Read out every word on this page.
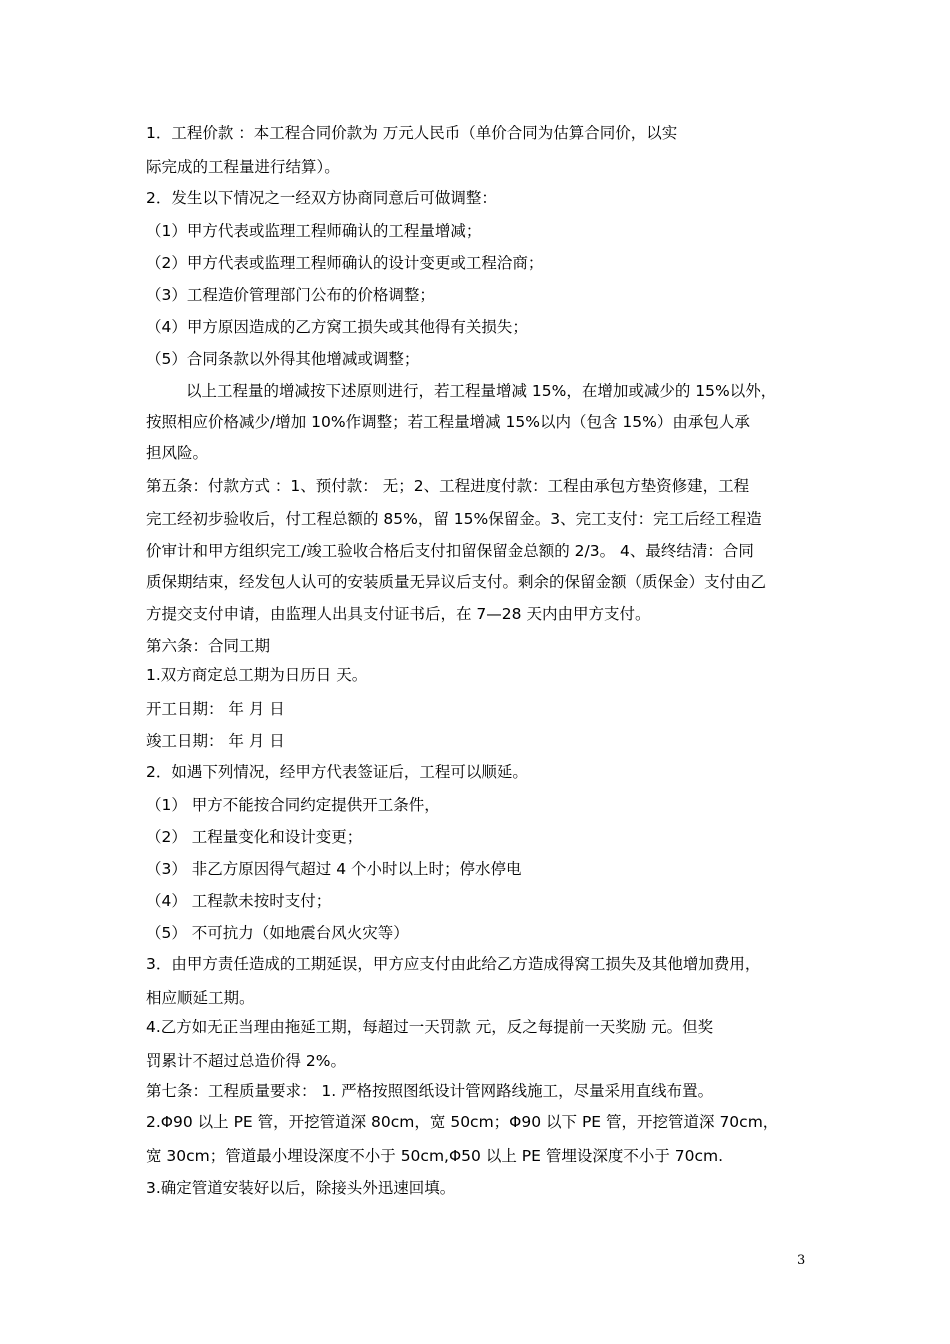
1．工程价款 ：本工程合同价款为 万元人民币（单价合同为估算合同价，以实
际完成的工程量进行结算）。
2．发生以下情况之一经双方协商同意后可做调整：
（1）甲方代表或监理工程师确认的工程量增减；
（2）甲方代表或监理工程师确认的设计变更或工程洽商；
（3）工程造价管理部门公布的价格调整；
（4）甲方原因造成的乙方窝工损失或其他得有关损失；
（5）合同条款以外得其他增减或调整；
以上工程量的增减按下述原则进行，若工程量增减 15%，在增加或减少的 15%以外，
按照相应价格减少/增加 10%作调整；若工程量增减 15%以内（包含 15%）由承包人承
担风险。
第五条：付款方式 ：1、预付款： 无；2、工程进度付款：工程由承包方垫资修建，工程
完工经初步验收后，付工程总额的 85%，留 15%保留金。3、完工支付：完工后经工程造
价审计和甲方组织完工/竣工验收合格后支付扣留保留金总额的 2/3。 4、最终结清：合同
质保期结束，经发包人认可的安装质量无异议后支付。剩余的保留金额（质保金）支付由乙
方提交支付申请，由监理人出具支付证书后，在 7—28 天内由甲方支付。
第六条：合同工期
1.双方商定总工期为日历日 天。
开工日期： 年 月 日
竣工日期： 年 月 日
2．如遇下列情况，经甲方代表签证后，工程可以顺延。
（1） 甲方不能按合同约定提供开工条件，
（2） 工程量变化和设计变更；
（3） 非乙方原因得气超过 4 个小时以上时；停水停电
（4） 工程款未按时支付；
（5） 不可抗力（如地震台风火灾等）
3．由甲方责任造成的工期延误，甲方应支付由此给乙方造成得窝工损失及其他增加费用，
相应顺延工期。
4.乙方如无正当理由拖延工期，每超过一天罚款 元，反之每提前一天奖励 元。但奖
罚累计不超过总造价得 2%。
第七条：工程质量要求： 1. 严格按照图纸设计管网路线施工，尽量采用直线布置。
2.Φ90 以上 PE 管，开挖管道深 80cm，宽 50cm；Φ90 以下 PE 管，开挖管道深 70cm，
宽 30cm；管道最小埋设深度不小于 50cm,Φ50 以上 PE 管埋设深度不小于 70cm.
3.确定管道安装好以后，除接头外迅速回填。
3
